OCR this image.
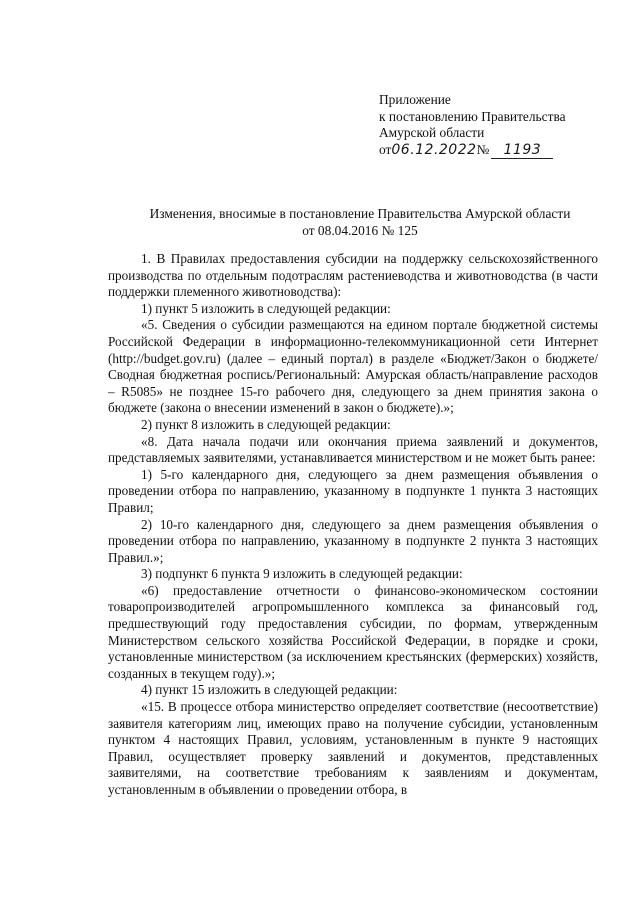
Приложение
к постановлению Правительства
Амурской области
от06.12.2022№ 1193
Изменения, вносимые в постановление Правительства Амурской области
от 08.04.2016 № 125

1. В Правилах предоставления субсидии на поддержку сельскохозяйственного производства по отдельным подотраслям растениеводства и животноводства (в части поддержки племенного животноводства):

1) пункт 5 изложить в следующей редакции:

«5. Сведения о субсидии размещаются на едином портале бюджетной системы Российской Федерации в информационно-телекоммуникационной сети Интернет (http://budget.gov.ru) (далее – единый портал) в разделе «Бюджет/Закон о бюджете/Сводная бюджетная роспись/Региональный: Амурская область/направление расходов – R5085» не позднее 15-го рабочего дня, следующего за днем принятия закона о бюджете (закона о внесении изменений в закон о бюджете).»;

2) пункт 8 изложить в следующей редакции:

«8. Дата начала подачи или окончания приема заявлений и документов, представляемых заявителями, устанавливается министерством и не может быть ранее:

1) 5-го календарного дня, следующего за днем размещения объявления о проведении отбора по направлению, указанному в подпункте 1 пункта 3 настоящих Правил;

2) 10-го календарного дня, следующего за днем размещения объявления о проведении отбора по направлению, указанному в подпункте 2 пункта 3 настоящих Правил.»;

3) подпункт 6 пункта 9 изложить в следующей редакции:

«6) предоставление отчетности о финансово-экономическом состоянии товаропроизводителей агропромышленного комплекса за финансовый год, предшествующий году предоставления субсидии, по формам, утвержденным Министерством сельского хозяйства Российской Федерации, в порядке и сроки, установленные министерством (за исключением крестьянских (фермерских) хозяйств, созданных в текущем году).»;

4) пункт 15 изложить в следующей редакции:

«15. В процессе отбора министерство определяет соответствие (несоответствие) заявителя категориям лиц, имеющих право на получение субсидии, установленным пунктом 4 настоящих Правил, условиям, установленным в пункте 9 настоящих Правил, осуществляет проверку заявлений и документов, представленных заявителями, на соответствие требованиям к заявлениям и документам, установленным в объявлении о проведении отбора, в
